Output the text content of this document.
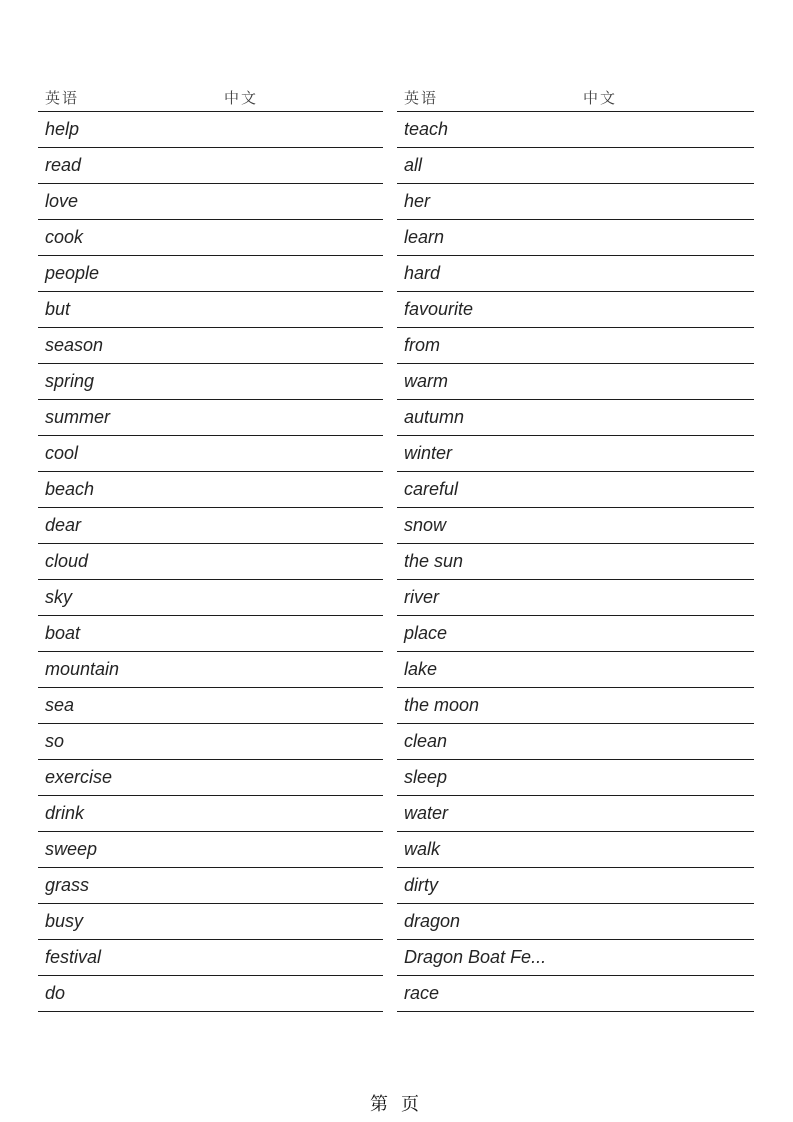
英语	中文
help
read
love
cook
people
but
season
spring
summer
cool
beach
dear
cloud
sky
boat
mountain
sea
so
exercise
drink
sweep
grass
busy
festival
do
英语	中文
teach
all
her
learn
hard
favourite
from
warm
autumn
winter
careful
snow
the sun
river
place
lake
the moon
clean
sleep
water
walk
dirty
dragon
Dragon Boat Fe...
race
第 页
